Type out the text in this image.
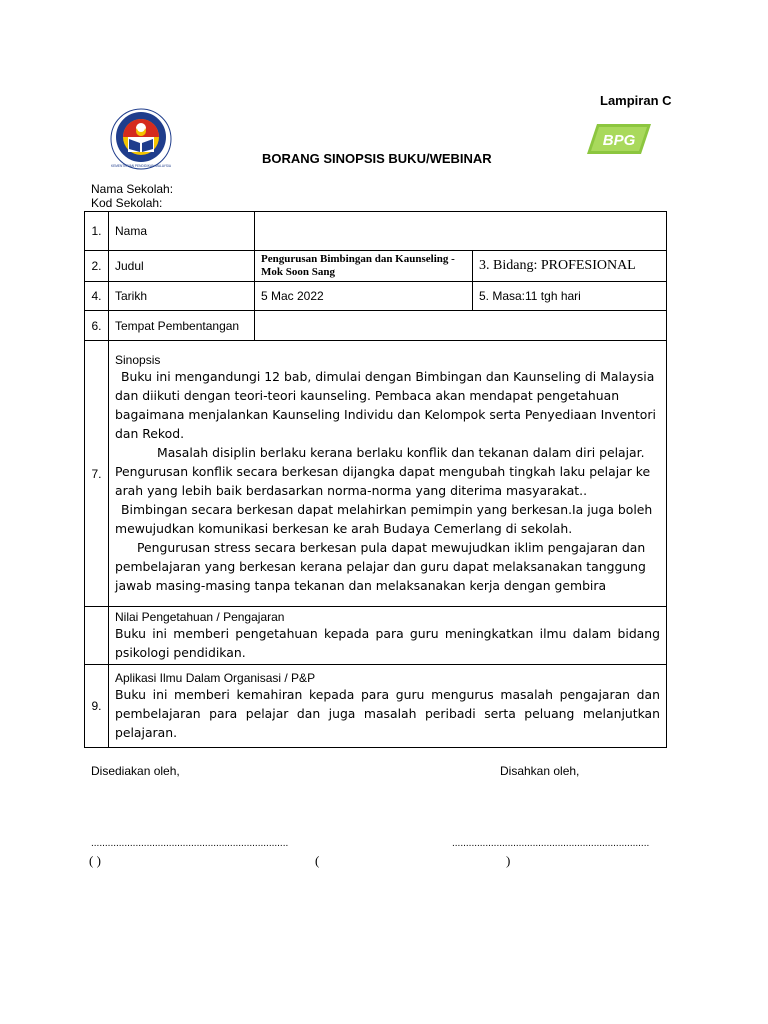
Lampiran C
KEMENTERIAN PENDIDIKAN MALAYSIA
BPG
BORANG SINOPSIS BUKU/WEBINAR
Nama Sekolah:
Kod Sekolah:
1.	Nama		
2.	Judul	Pengurusan Bimbingan dan Kaunseling - Mok Soon Sang	3. Bidang: PROFESIONAL
4.	Tarikh	5 Mac 2022	5. Masa:11 tgh hari
6.	Tempat Pembentangan		
7.	Sinopsis
Buku ini mengandungi 12 bab, dimulai dengan Bimbingan dan Kaunseling di Malaysia dan diikuti dengan teori-teori kaunseling. Pembaca akan mendapat pengetahuan bagaimana menjalankan Kaunseling Individu dan Kelompok serta Penyediaan Inventori dan Rekod.
Masalah disiplin berlaku kerana berlaku konflik dan tekanan dalam diri pelajar. Pengurusan konflik secara berkesan dijangka dapat mengubah tingkah laku pelajar ke arah yang lebih baik berdasarkan norma-norma yang diterima masyarakat..
Bimbingan secara berkesan dapat melahirkan pemimpin yang berkesan.Ia juga boleh mewujudkan komunikasi berkesan ke arah Budaya Cemerlang di sekolah.
Pengurusan stress secara berkesan pula dapat mewujudkan iklim pengajaran dan pembelajaran yang berkesan kerana pelajar dan guru dapat melaksanakan tanggung jawab masing-masing tanpa tekanan dan melaksanakan kerja dengan gembira		

	Nilai Pengetahuan / Pengajaran
Buku ini memberi pengetahuan kepada para guru meningkatkan ilmu dalam bidang psikologi pendidikan.		

9.	Aplikasi Ilmu Dalam Organisasi / P&P
Buku ini memberi kemahiran kepada para guru mengurus masalah pengajaran dan pembelajaran para pelajar dan juga masalah peribadi serta peluang melanjutkan pelajaran.		
Disediakan oleh,	Disahkan oleh,
.......................................................................	.......................................................................
( )	(	)
